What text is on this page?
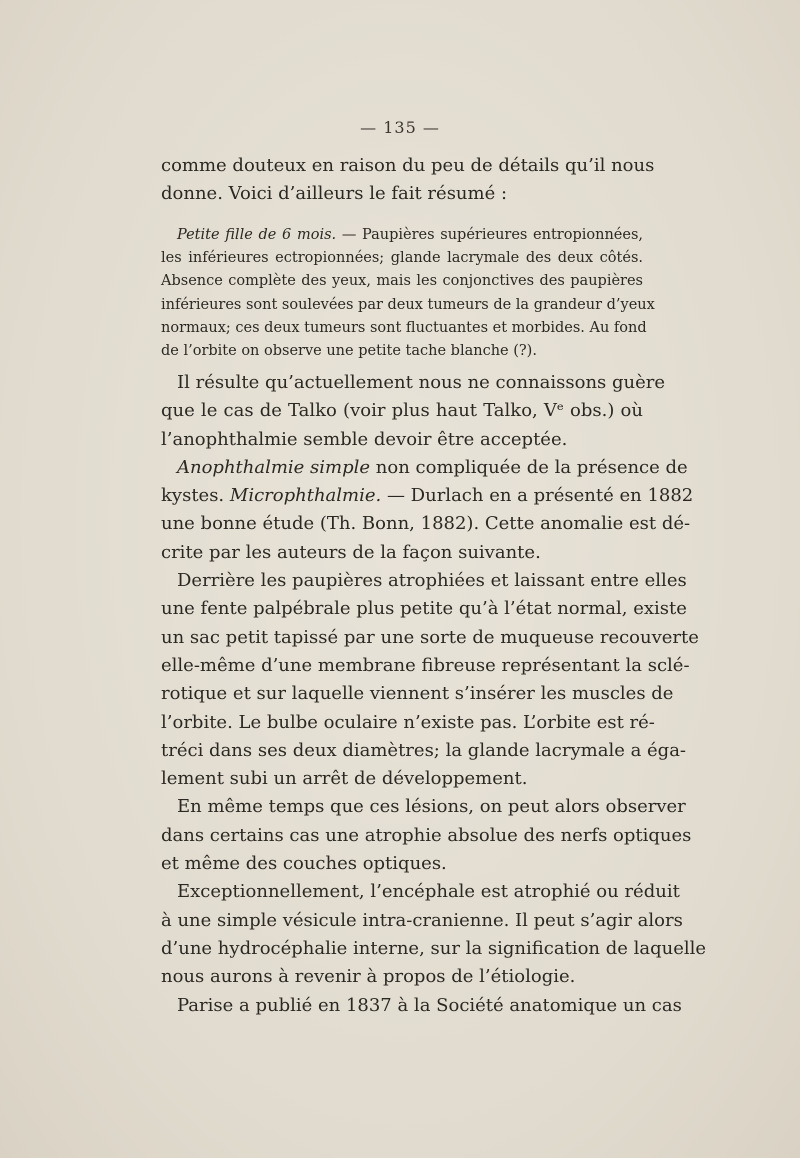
— 135 —
comme douteux en raison du peu de détails qu’il nous
donne. Voici d’ailleurs le fait résumé :
Petite fille de 6 mois. — Paupières supérieures entropionnées,
les inférieures ectropionnées; glande lacrymale des deux côtés.
Absence complète des yeux, mais les conjonctives des paupières
inférieures sont soulevées par deux tumeurs de la grandeur d’yeux
normaux; ces deux tumeurs sont fluctuantes et morbides. Au fond
de l’orbite on observe une petite tache blanche (?).
Il résulte qu’actuellement nous ne connaissons guère
que le cas de Talko (voir plus haut Talko, Vᵉ obs.) où
l’anophthalmie semble devoir être acceptée.
Anophthalmie simple non compliquée de la présence de
kystes. Microphthalmie. — Durlach en a présenté en 1882
une bonne étude (Th. Bonn, 1882). Cette anomalie est dé-
crite par les auteurs de la façon suivante.
Derrière les paupières atrophiées et laissant entre elles
une fente palpébrale plus petite qu’à l’état normal, existe
un sac petit tapissé par une sorte de muqueuse recouverte
elle-même d’une membrane fibreuse représentant la sclé-
rotique et sur laquelle viennent s’insérer les muscles de
l’orbite. Le bulbe oculaire n’existe pas. L’orbite est ré-
tréci dans ses deux diamètres; la glande lacrymale a éga-
lement subi un arrêt de développement.
En même temps que ces lésions, on peut alors observer
dans certains cas une atrophie absolue des nerfs optiques
et même des couches optiques.
Exceptionnellement, l’encéphale est atrophié ou réduit
à une simple vésicule intra-cranienne. Il peut s’agir alors
d’une hydrocéphalie interne, sur la signification de laquelle
nous aurons à revenir à propos de l’étiologie.
Parise a publié en 1837 à la Société anatomique un cas
